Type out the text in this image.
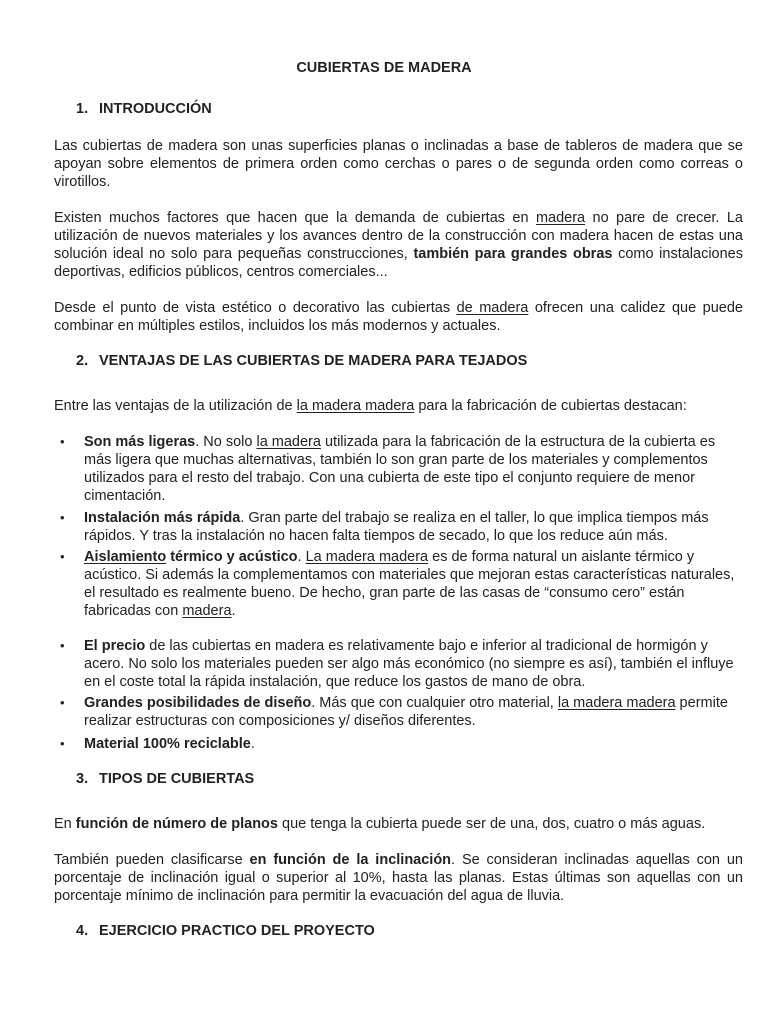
CUBIERTAS DE MADERA
1. INTRODUCCIÓN
Las cubiertas de madera son unas superficies planas o inclinadas a base de tableros de madera que se apoyan sobre elementos de primera orden como cerchas o pares o de segunda orden como correas o virotillos.
Existen muchos factores que hacen que la demanda de cubiertas en madera no pare de crecer. La utilización de nuevos materiales y los avances dentro de la construcción con madera hacen de estas una solución ideal no solo para pequeñas construcciones, también para grandes obras como instalaciones deportivas, edificios públicos, centros comerciales...
Desde el punto de vista estético o decorativo las cubiertas de madera ofrecen una calidez que puede combinar en múltiples estilos, incluidos los más modernos y actuales.
2. VENTAJAS DE LAS CUBIERTAS DE MADERA PARA TEJADOS
Entre las ventajas de la utilización de la madera madera para la fabricación de cubiertas destacan:
•	Son más ligeras. No solo la madera utilizada para la fabricación de la estructura de la cubierta es más ligera que muchas alternativas, también lo son gran parte de los materiales y complementos utilizados para el resto del trabajo. Con una cubierta de este tipo el conjunto requiere de menor cimentación.
•	Instalación más rápida. Gran parte del trabajo se realiza en el taller, lo que implica tiempos más rápidos. Y tras la instalación no hacen falta tiempos de secado, lo que los reduce aún más.
•	Aislamiento térmico y acústico. La madera madera es de forma natural un aislante térmico y acústico. Si además la complementamos con materiales que mejoran estas características naturales, el resultado es realmente bueno. De hecho, gran parte de las casas de “consumo cero” están fabricadas con madera.
•	El precio de las cubiertas en madera es relativamente bajo e inferior al tradicional de hormigón y acero. No solo los materiales pueden ser algo más económico (no siempre es así), también el influye en el coste total la rápida instalación, que reduce los gastos de mano de obra.
•	Grandes posibilidades de diseño. Más que con cualquier otro material, la madera madera permite realizar estructuras con composiciones y/ diseños diferentes.
•	Material 100% reciclable.
3. TIPOS DE CUBIERTAS
En función de número de planos que tenga la cubierta puede ser de una, dos, cuatro o más aguas.
También pueden clasificarse en función de la inclinación. Se consideran inclinadas aquellas con un porcentaje de inclinación igual o superior al 10%, hasta las planas. Estas últimas son aquellas con un porcentaje mínimo de inclinación para permitir la evacuación del agua de lluvia.
4. EJERCICIO PRACTICO DEL PROYECTO
